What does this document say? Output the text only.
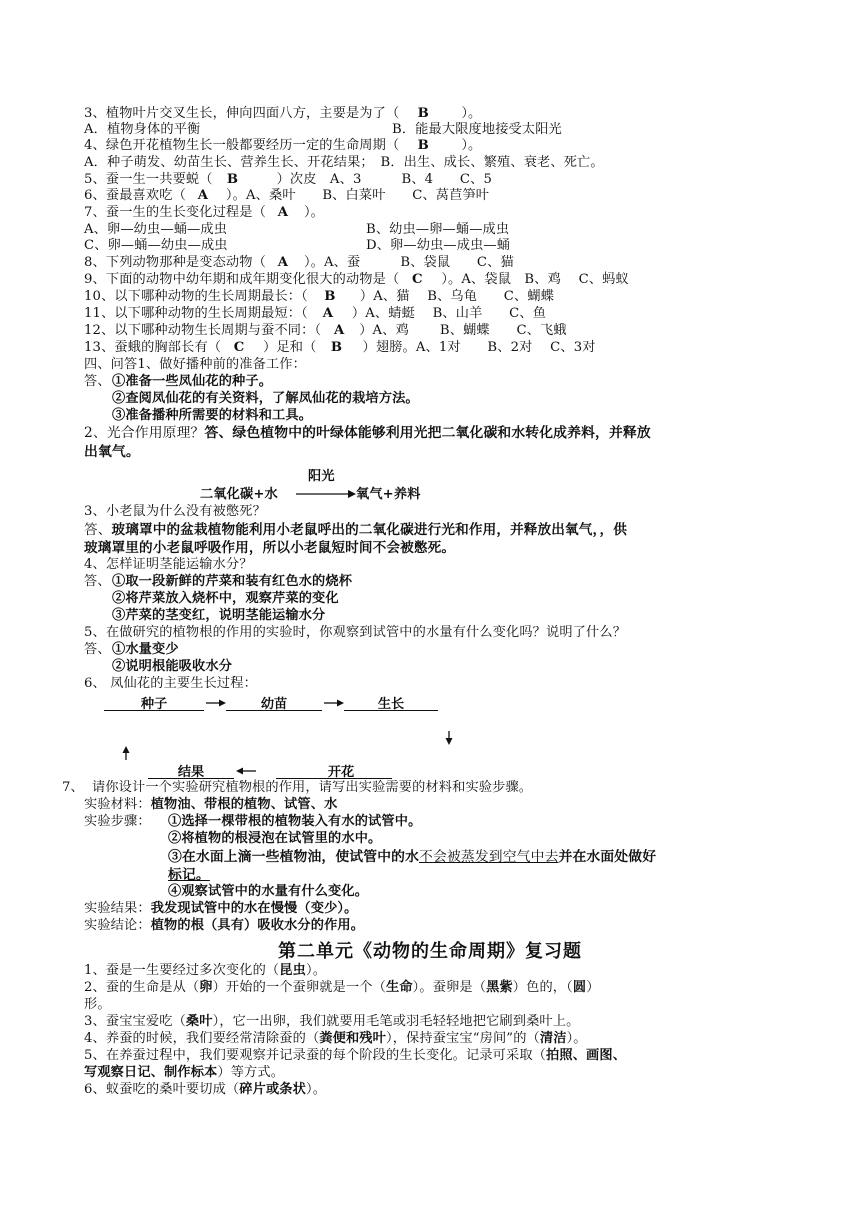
3、植物叶片交叉生长，伸向四面八方，主要是为了（ B ）。
A．植物身体的平衡	B．能最大限度地接受太阳光
4、绿色开花植物生长一般都要经历一定的生命周期（ B ）。
A．种子萌发、幼苗生长、营养生长、开花结果；　B．出生、成长、繁殖、衰老、死亡。
5、蚕一生一共要蜕（ B	）次皮　A、3　　　B、4　　C、5
6、蚕最喜欢吃（ A ）。A、桑叶　　B、白菜叶　　C、莴苣笋叶
7、蚕一生的生长变化过程是（ A ）。
A、卵—幼虫—蛹—成虫	B、幼虫—卵—蛹—成虫
C、卵—蛹—幼虫—成虫	D、卵—幼虫—成虫—蛹
8、下列动物那种是变态动物（ A ）。A、蚕　　　B、袋鼠　　C、猫
9、下面的动物中幼年期和成年期变化很大的动物是（ C ）。A、袋鼠　B、鸡　 C、蚂蚁
10、以下哪种动物的生长周期最长：（ B ）A、猫　 B、乌龟　　C、蝴蝶
11、以下哪种动物的生长周期最短：（ A ）A、蜻蜓　 B、山羊　　C、鱼
12、以下哪种动物生长周期与蚕不同：（ A ）A、鸡　　 B、蝴蝶　　C、飞蛾
13、蚕蛾的胸部长有（ C ）足和（ B ）翅膀。A、1对　　B、2对　 C、3对
四、问答1、做好播种前的准备工作：
答、 ①准备一些凤仙花的种子。
②查阅凤仙花的有关资料，了解凤仙花的栽培方法。
③准备播种所需要的材料和工具。
2、光合作用原理？答、绿色植物中的叶绿体能够利用光把二氧化碳和水转化成养料，并释放
出氧气。
阳光
二氧化碳+水	氧气+养料
3、小老鼠为什么没有被憋死？
答、玻璃罩中的盆栽植物能利用小老鼠呼出的二氧化碳进行光和作用，并释放出氧气，，供
玻璃罩里的小老鼠呼吸作用，所以小老鼠短时间不会被憋死。
4、怎样证明茎能运输水分？
答、 ①取一段新鲜的芹菜和装有红色水的烧杯
②将芹菜放入烧杯中，观察芹菜的变化
③芹菜的茎变红，说明茎能运输水分
5、在做研究的植物根的作用的实验时，你观察到试管中的水量有什么变化吗？说明了什么？
答、 ①水量变少
②说明根能吸收水分
6、 凤仙花的主要生长过程：
种子	幼苗	生长
结果	开花
7、 请你设计一个实验研究植物根的作用，请写出实验需要的材料和实验步骤。
实验材料：植物油、带根的植物、试管、水
实验步骤： ①选择一棵带根的植物装入有水的试管中。
②将植物的根浸泡在试管里的水中。
③在水面上滴一些植物油，使试管中的水不会被蒸发到空气中去并在水面处做好
标记。
④观察试管中的水量有什么变化。
实验结果：我发现试管中的水在慢慢（变少）。
实验结论：植物的根（具有）吸收水分的作用。
第二单元《动物的生命周期》复习题
1、蚕是一生要经过多次变化的（昆虫）。
2、蚕的生命是从（卵）开始的一个蚕卵就是一个（生命）。蚕卵是（黑紫）色的，（圆）
形。
3、蚕宝宝爱吃（桑叶），它一出卵，我们就要用毛笔或羽毛轻轻地把它刷到桑叶上。
4、养蚕的时候，我们要经常清除蚕的（粪便和残叶），保持蚕宝宝“房间”的（清洁）。
5、在养蚕过程中，我们要观察并记录蚕的每个阶段的生长变化。记录可采取（拍照、画图、
写观察日记、制作标本）等方式。
6、蚁蚕吃的桑叶要切成（碎片或条状）。
